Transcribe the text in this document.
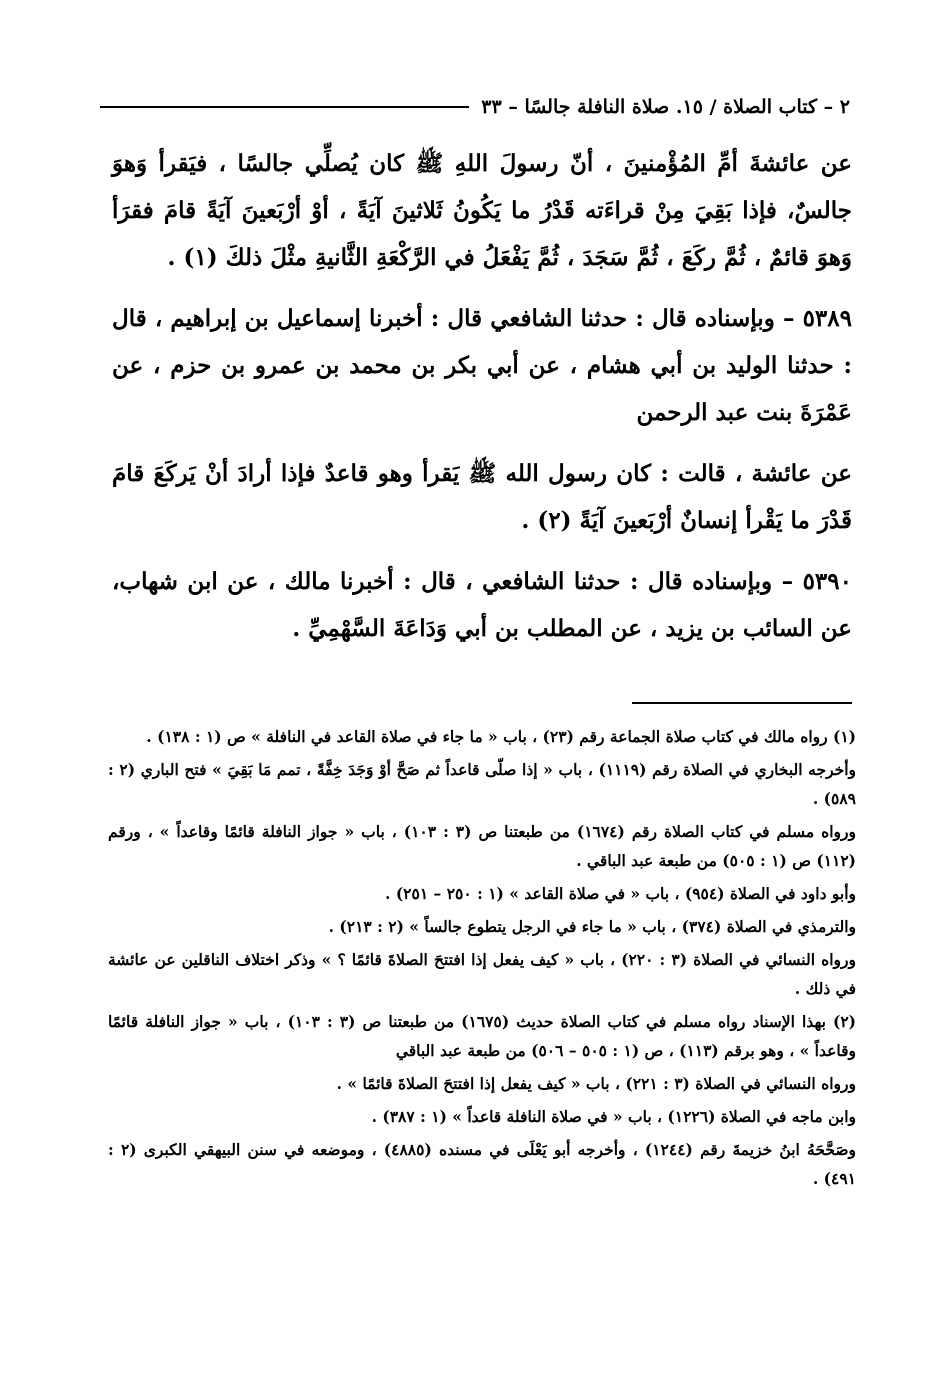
٢ – كتاب الصلاة / ١٥. صلاة النافلة جالسًا – ٣٣

عن عائشةَ أمِّ المُؤْمنينَ ، أنّ رسولَ اللهِ ﷺ كان يُصلِّي جالسًا ، فيَقرأ وَهوَ جالسٌ، فإذا بَقِيَ مِنْ قراءَته قَدْرُ ما يَكُونُ ثَلاثينَ آيَةً ، أوْ أرْبَعينَ آيَةً قامَ فقرَأ وَهوَ قائمٌ ، ثُمَّ ركَعَ ، ثُمَّ سَجَدَ ، ثُمَّ يَفْعَلُ في الرَّكْعَةِ الثَّانيةِ مثْلَ ذلكَ (١) .

٥٣٨٩ – وبإسناده قال : حدثنا الشافعي قال : أخبرنا إسماعيل بن إبراهيم ، قال : حدثنا الوليد بن أبي هشام ، عن أبي بكر بن محمد بن عمرو بن حزم ، عن عَمْرَةَ بنت عبد الرحمن

عن عائشة ، قالت : كان رسول الله ﷺ يَقرأ وهو قاعدٌ فإذا أرادَ أنْ يَركَعَ قامَ قَدْرَ ما يَقْرأ إنسانٌ أرْبَعينَ آيَةً (٢) .

٥٣٩٠ – وبإسناده قال : حدثنا الشافعي ، قال : أخبرنا مالك ، عن ابن شهاب، عن السائب بن يزيد ، عن المطلب بن أبي وَدَاعَةَ السَّهْمِيِّ .

(١) رواه مالك في كتاب صلاة الجماعة رقم (٢٣) ، باب « ما جاء في صلاة القاعد في النافلة » ص (١ : ١٣٨) .

وأخرجه البخاري في الصلاة رقم (١١١٩) ، باب « إذا صلّى قاعداً ثم صَحَّ أوْ وَجَدَ خِفَّةً ، تمم مَا بَقِيَ » فتح الباري (٢ : ٥٨٩) .

ورواه مسلم في كتاب الصلاة رقم (١٦٧٤) من طبعتنا ص (٣ : ١٠٣) ، باب « جواز النافلة قائمًا وقاعداً » ، ورقم (١١٢) ص (١ : ٥٠٥) من طبعة عبد الباقي .

وأبو داود في الصلاة (٩٥٤) ، باب « في صلاة القاعد » (١ : ٢٥٠ – ٢٥١) .

والترمذي في الصلاة (٣٧٤) ، باب « ما جاء في الرجل يتطوع جالساً » (٢ : ٢١٣) .

ورواه النسائي في الصلاة (٣ : ٢٢٠) ، باب « كيف يفعل إذا افتتحَ الصلاةَ قائمًا ؟ » وذكر اختلاف الناقلين عن عائشة في ذلك .

(٢) بهذا الإسناد رواه مسلم في كتاب الصلاة حديث (١٦٧٥) من طبعتنا ص (٣ : ١٠٣) ، باب « جواز النافلة قائمًا وقاعداً » ، وهو برقم (١١٣) ، ص (١ : ٥٠٥ – ٥٠٦) من طبعة عبد الباقي

ورواه النسائي في الصلاة (٣ : ٢٢١) ، باب « كيف يفعل إذا افتتحَ الصلاةَ قائمًا » .

وابن ماجه في الصلاة (١٢٢٦) ، باب « في صلاة النافلة قاعداً » (١ : ٣٨٧) .

وصَحَّحَهُ ابنُ خزيمةَ رقم (١٢٤٤) ، وأخرجه أبو يَعْلَى في مسنده (٤٨٨٥) ، وموضعه في سنن البيهقي الكبرى (٢ : ٤٩١) .
